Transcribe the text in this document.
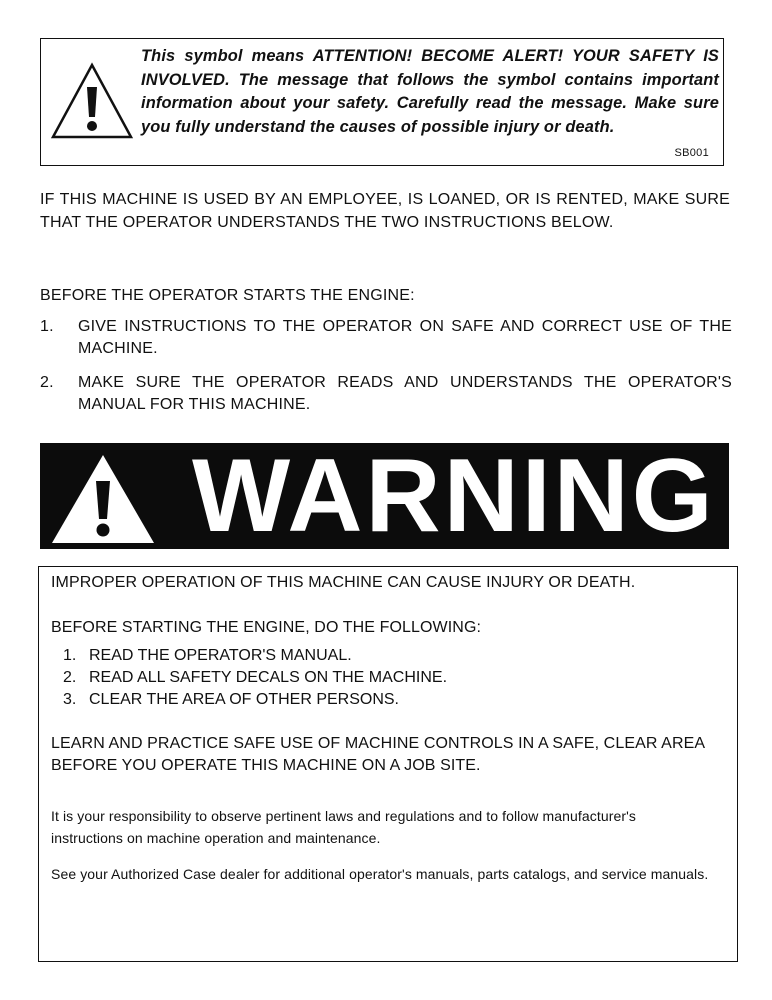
This symbol means ATTENTION! BECOME ALERT! YOUR SAFETY IS INVOLVED. The message that follows the symbol contains important information about your safety. Carefully read the message. Make sure you fully understand the causes of possible injury or death.
SB001
IF THIS MACHINE IS USED BY AN EMPLOYEE, IS LOANED, OR IS RENTED, MAKE SURE THAT THE OPERATOR UNDERSTANDS THE TWO INSTRUCTIONS BELOW.
BEFORE THE OPERATOR STARTS THE ENGINE:
1. GIVE INSTRUCTIONS TO THE OPERATOR ON SAFE AND CORRECT USE OF THE MACHINE.
2. MAKE SURE THE OPERATOR READS AND UNDERSTANDS THE OPERATOR'S MANUAL FOR THIS MACHINE.
WARNING
IMPROPER OPERATION OF THIS MACHINE CAN CAUSE INJURY OR DEATH.
BEFORE STARTING THE ENGINE, DO THE FOLLOWING:
1. READ THE OPERATOR'S MANUAL.
2. READ ALL SAFETY DECALS ON THE MACHINE.
3. CLEAR THE AREA OF OTHER PERSONS.
LEARN AND PRACTICE SAFE USE OF MACHINE CONTROLS IN A SAFE, CLEAR AREA BEFORE YOU OPERATE THIS MACHINE ON A JOB SITE.
It is your responsibility to observe pertinent laws and regulations and to follow manufacturer's instructions on machine operation and maintenance.
See your Authorized Case dealer for additional operator's manuals, parts catalogs, and service manuals.
